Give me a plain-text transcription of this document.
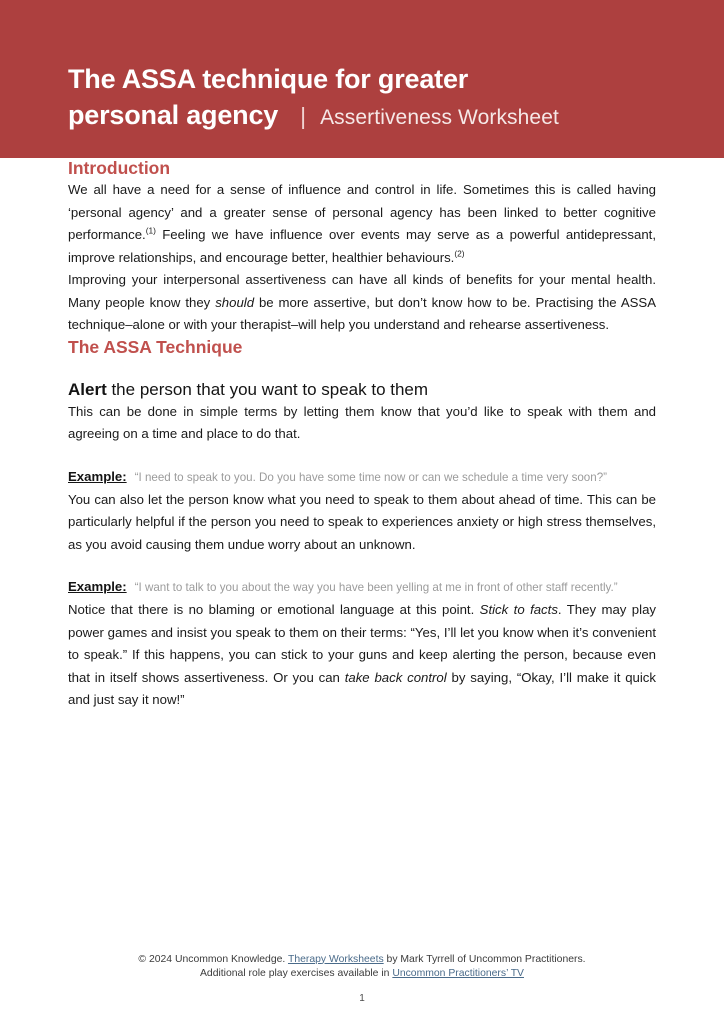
The ASSA technique for greater
personal agency | Assertiveness Worksheet
Introduction

We all have a need for a sense of influence and control in life. Sometimes this is called having ‘personal agency’ and a greater sense of personal agency has been linked to better cognitive performance.$^{(1)}$ Feeling we have influence over events may serve as a powerful antidepressant, improve relationships, and encourage better, healthier behaviours.$^{(2)}$

Improving your interpersonal assertiveness can have all kinds of benefits for your mental health. Many people know they should be more assertive, but don’t know how to be. Practising the ASSA technique–alone or with your therapist–will help you understand and rehearse assertiveness.

The ASSA Technique
Alert the person that you want to speak to them

This can be done in simple terms by letting them know that you’d like to speak with them and agreeing on a time and place to do that.

Example: “I need to speak to you. Do you have some time now or can we schedule a time very soon?”

You can also let the person know what you need to speak to them about ahead of time. This can be particularly helpful if the person you need to speak to experiences anxiety or high stress themselves, as you avoid causing them undue worry about an unknown.

Example: “I want to talk to you about the way you have been yelling at me in front of other staff recently.”

Notice that there is no blaming or emotional language at this point. Stick to facts. They may play power games and insist you speak to them on their terms: “Yes, I’ll let you know when it’s convenient to speak.” If this happens, you can stick to your guns and keep alerting the person, because even that in itself shows assertiveness. Or you can take back control by saying, “Okay, I’ll make it quick and just say it now!”

© 2024 Uncommon Knowledge. Therapy Worksheets by Mark Tyrrell of Uncommon Practitioners.
Additional role play exercises available in Uncommon Practitioners’ TV
1
